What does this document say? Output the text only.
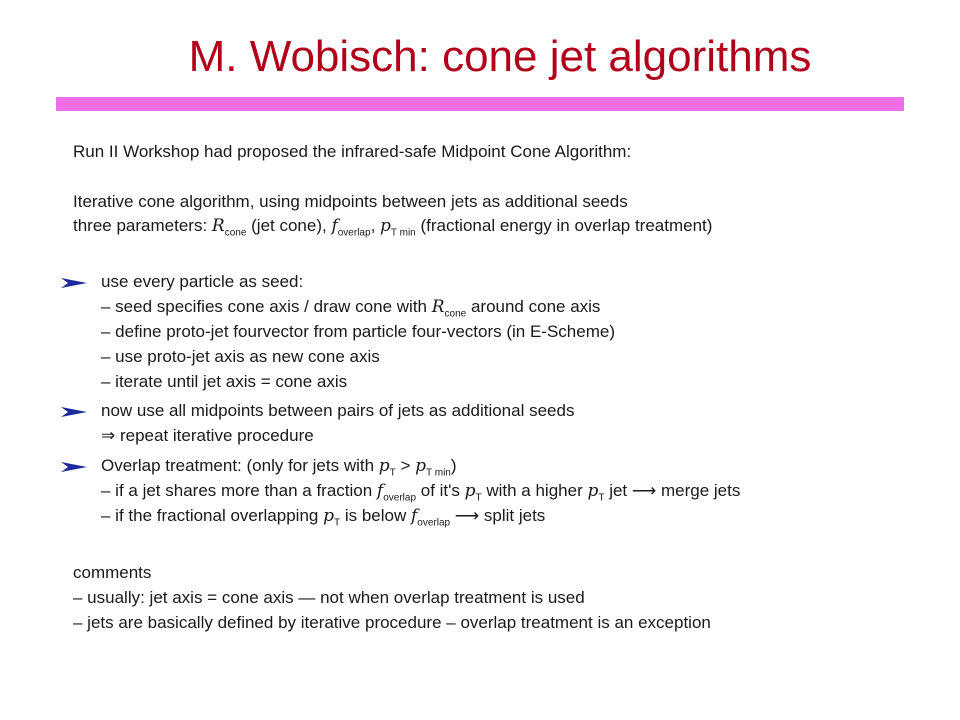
M. Wobisch: cone jet algorithms
Run II Workshop had proposed the infrared-safe Midpoint Cone Algorithm:
Iterative cone algorithm, using midpoints between jets as additional seeds
three parameters: $R_{cone}$ (jet cone), $f_{overlap}$, $p_{T min}$ (fractional energy in overlap treatment)
use every particle as seed:
– seed specifies cone axis / draw cone with $R_{cone}$ around cone axis
– define proto-jet fourvector from particle four-vectors (in E-Scheme)
– use proto-jet axis as new cone axis
– iterate until jet axis = cone axis
now use all midpoints between pairs of jets as additional seeds
⇒ repeat iterative procedure
Overlap treatment: (only for jets with $p_T > p_{T min}$)
– if a jet shares more than a fraction $f_{overlap}$ of it's $p_T$ with a higher $p_T$ jet ⟶ merge jets
– if the fractional overlapping $p_T$ is below $f_{overlap}$ ⟶ split jets
comments
– usually: jet axis = cone axis — not when overlap treatment is used
– jets are basically defined by iterative procedure – overlap treatment is an exception
